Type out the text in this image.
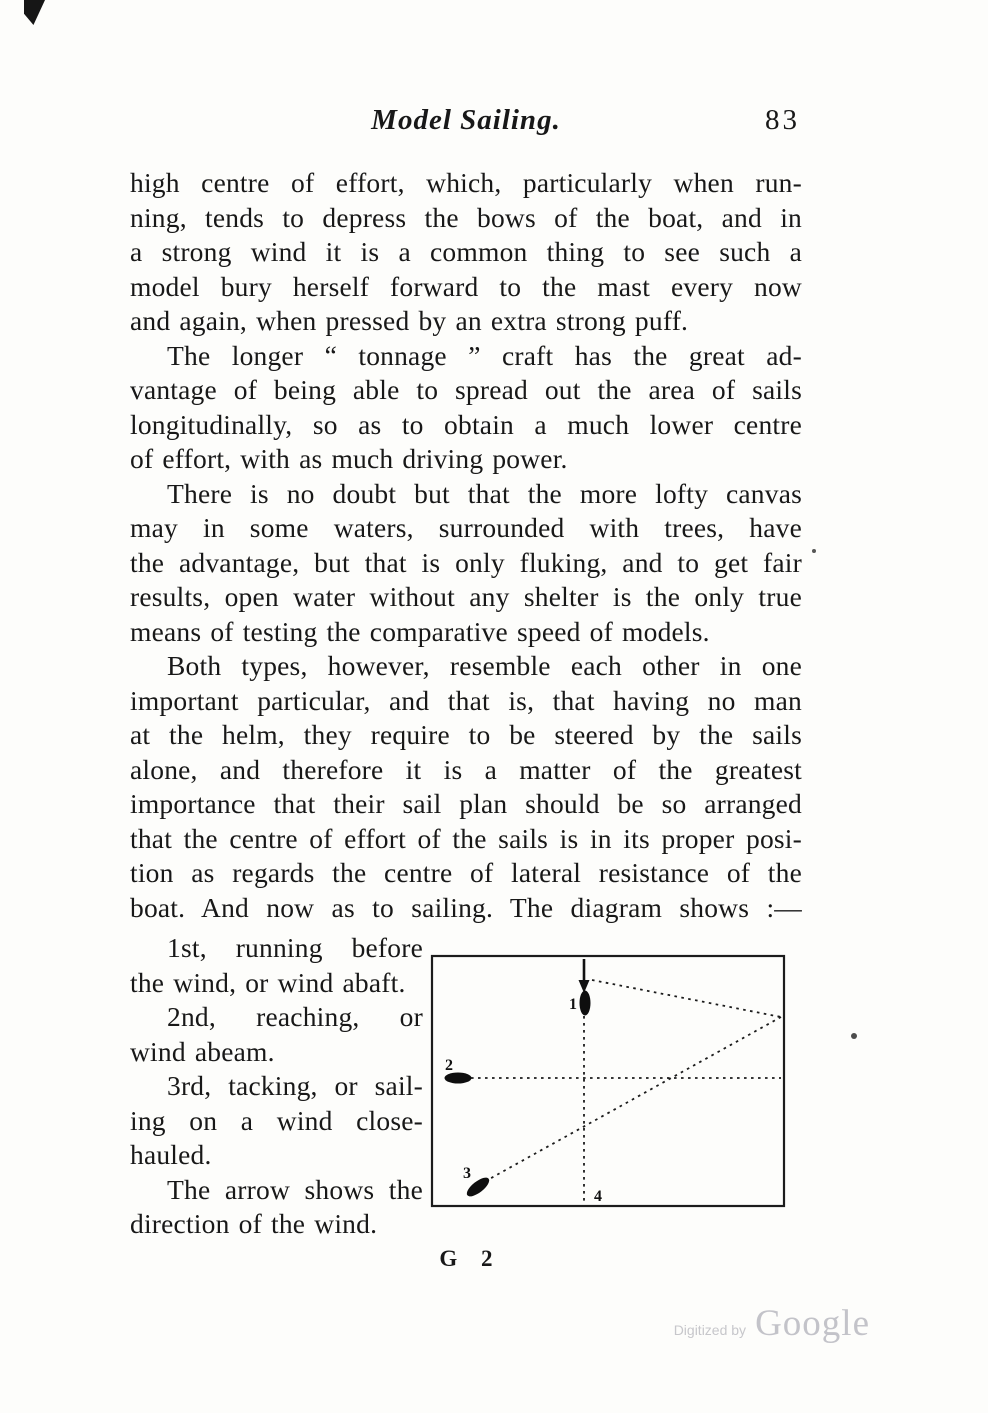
Model Sailing.	83
high centre of effort, which, particularly when run-
ning, tends to depress the bows of the boat, and in
a strong wind it is a common thing to see such a
model bury herself forward to the mast every now
and again, when pressed by an extra strong puff.
The longer “ tonnage ” craft has the great ad-
vantage of being able to spread out the area of sails
longitudinally, so as to obtain a much lower centre
of effort, with as much driving power.
There is no doubt but that the more lofty canvas
may in some waters, surrounded with trees, have
the advantage, but that is only fluking, and to get fair
results, open water without any shelter is the only true
means of testing the comparative speed of models.
Both types, however, resemble each other in one
important particular, and that is, that having no man
at the helm, they require to be steered by the sails
alone, and therefore it is a matter of the greatest
importance that their sail plan should be so arranged
that the centre of effort of the sails is in its proper posi-
tion as regards the centre of lateral resistance of the
boat. And now as to sailing. The diagram shows :—
1st, running before
the wind, or wind abaft.
2nd, reaching, or
wind abeam.
3rd, tacking, or sail-
ing on a wind close-
hauled.
The arrow shows the
direction of the wind.
1
2
3
4
G 2
Digitized by Google
